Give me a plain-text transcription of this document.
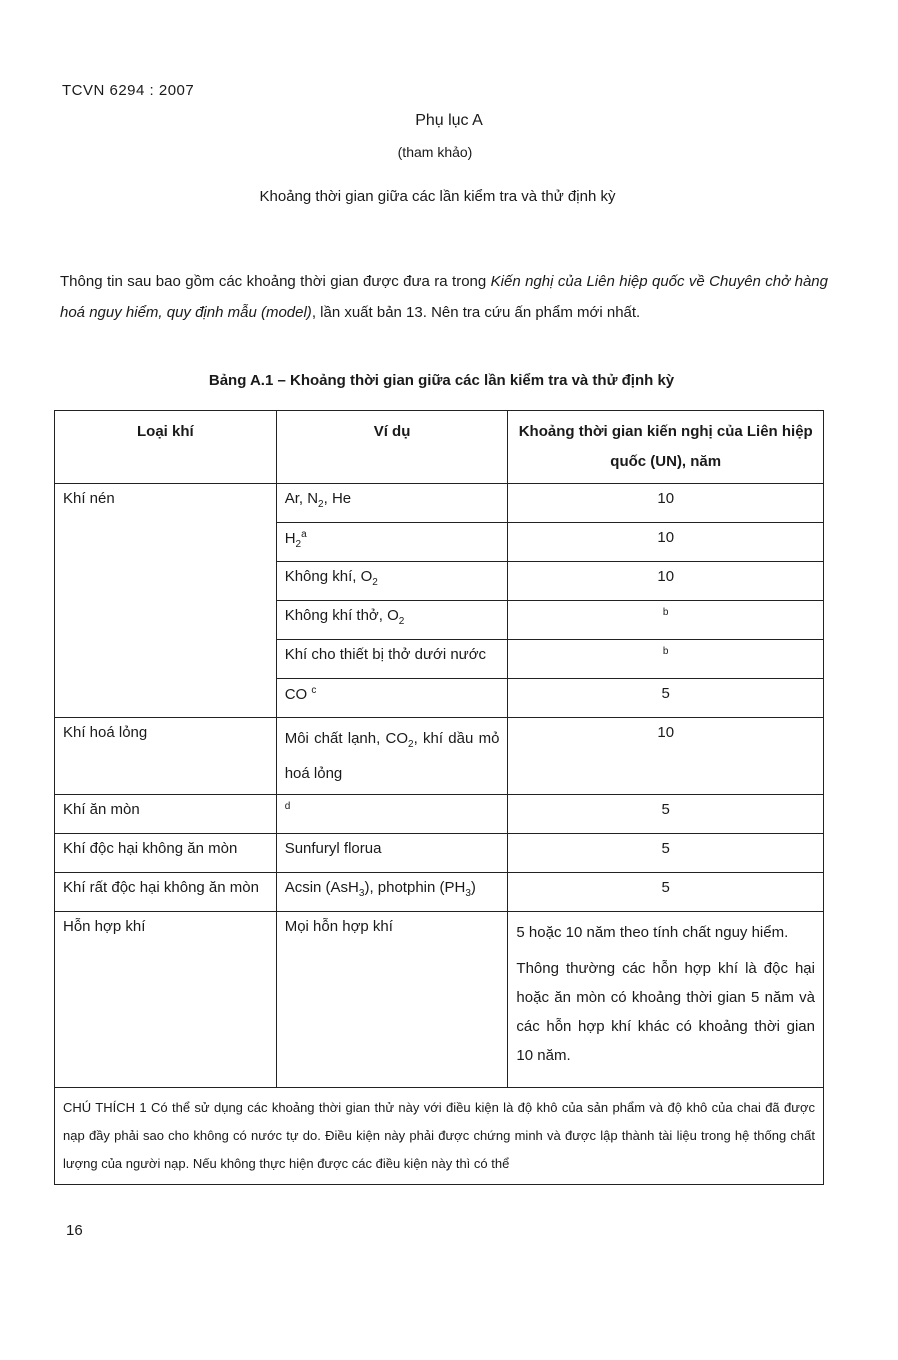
TCVN 6294 : 2007
Phụ lục A
(tham khảo)
Khoảng thời gian giữa các lần kiểm tra và thử định kỳ
Thông tin sau bao gồm các khoảng thời gian được đưa ra trong Kiến nghị của Liên hiệp quốc về Chuyên chở hàng hoá nguy hiểm, quy định mẫu (model), lần xuất bản 13. Nên tra cứu ấn phẩm mới nhất.
Bảng A.1 – Khoảng thời gian giữa các lần kiểm tra và thử định kỳ
Loại khí	Ví dụ	Khoảng thời gian kiến nghị của Liên hiệp quốc (UN), năm
Khí nén	Ar, $N_2$, He	10
	$H_2^a$	10
	Không khí, $O_2$	10
	Không khí thở, $O_2$	$^b$
	Khí cho thiết bị thở dưới nước	$^b$
	CO $^c$	5
Khí hoá lỏng	Môi chất lạnh, $CO_2$, khí dầu mỏ hoá lỏng	10
Khí ăn mòn	$^d$	5
Khí độc hại không ăn mòn	Sunfuryl florua	5
Khí rất độc hại không ăn mòn	Acsin (AsH$_3$), photphin $(PH_3)$	5
Hỗn hợp khí	Mọi hỗn hợp khí	5 hoặc 10 năm theo tính chất nguy hiểm.
Thông thường các hỗn hợp khí là độc hại hoặc ăn mòn có khoảng thời gian 5 năm và các hỗn hợp khí khác có khoảng thời gian 10 năm.

CHÚ THÍCH 1 Có thể sử dụng các khoảng thời gian thử này với điều kiện là độ khô của sản phẩm và độ khô của chai đã được nạp đầy phải sao cho không có nước tự do. Điều kiện này phải được chứng minh và được lập thành tài liệu trong hệ thống chất lượng của người nạp. Nếu không thực hiện được các điều kiện này thì có thể		
16
